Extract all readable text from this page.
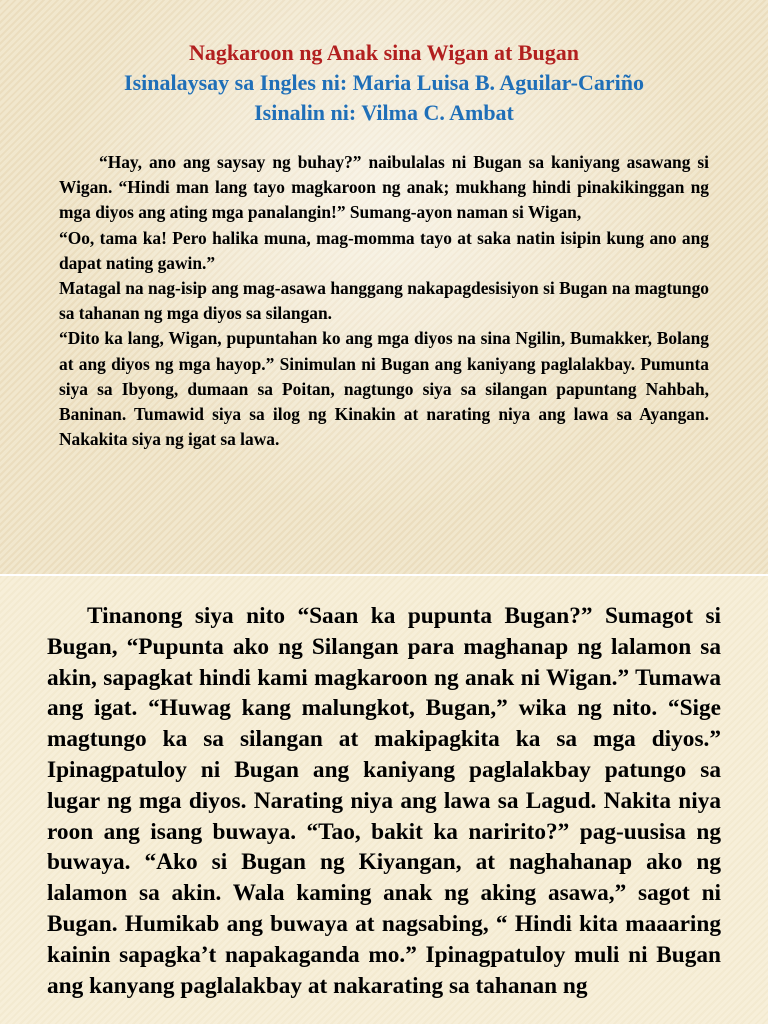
Nagkaroon ng Anak sina Wigan at Bugan
Isinalaysay sa Ingles ni: Maria Luisa B. Aguilar-Cariño
Isinalin ni: Vilma C. Ambat

“Hay, ano ang saysay ng buhay?” naibulalas ni Bugan sa kaniyang asawang si Wigan. “Hindi man lang tayo magkaroon ng anak; mukhang hindi pinakikinggan ng mga diyos ang ating mga panalangin!” Sumang-ayon naman si Wigan,

“Oo, tama ka! Pero halika muna, mag-momma tayo at saka natin isipin kung ano ang dapat nating gawin.”

Matagal na nag-isip ang mag-asawa hanggang nakapagdesisiyon si Bugan na magtungo sa tahanan ng mga diyos sa silangan.

“Dito ka lang, Wigan, pupuntahan ko ang mga diyos na sina Ngilin, Bumakker, Bolang at ang diyos ng mga hayop.” Sinimulan ni Bugan ang kaniyang paglalakbay. Pumunta siya sa Ibyong, dumaan sa Poitan, nagtungo siya sa silangan papuntang Nahbah, Baninan. Tumawid siya sa ilog ng Kinakin at narating niya ang lawa sa Ayangan. Nakakita siya ng igat sa lawa.

Tinanong siya nito “Saan ka pupunta Bugan?” Sumagot si Bugan, “Pupunta ako ng Silangan para maghanap ng lalamon sa akin, sapagkat hindi kami magkaroon ng anak ni Wigan.” Tumawa ang igat. “Huwag kang malungkot, Bugan,” wika ng nito. “Sige magtungo ka sa silangan at makipagkita ka sa mga diyos.” Ipinagpatuloy ni Bugan ang kaniyang paglalakbay patungo sa lugar ng mga diyos. Narating niya ang lawa sa Lagud. Nakita niya roon ang isang buwaya. “Tao, bakit ka naririto?” pag-uusisa ng buwaya. “Ako si Bugan ng Kiyangan, at naghahanap ako ng lalamon sa akin. Wala kaming anak ng aking asawa,” sagot ni Bugan. Humikab ang buwaya at nagsabing, “ Hindi kita maaaring kainin sapagka’t napakaganda mo.” Ipinagpatuloy muli ni Bugan ang kanyang paglalakbay at nakarating sa tahanan ng
